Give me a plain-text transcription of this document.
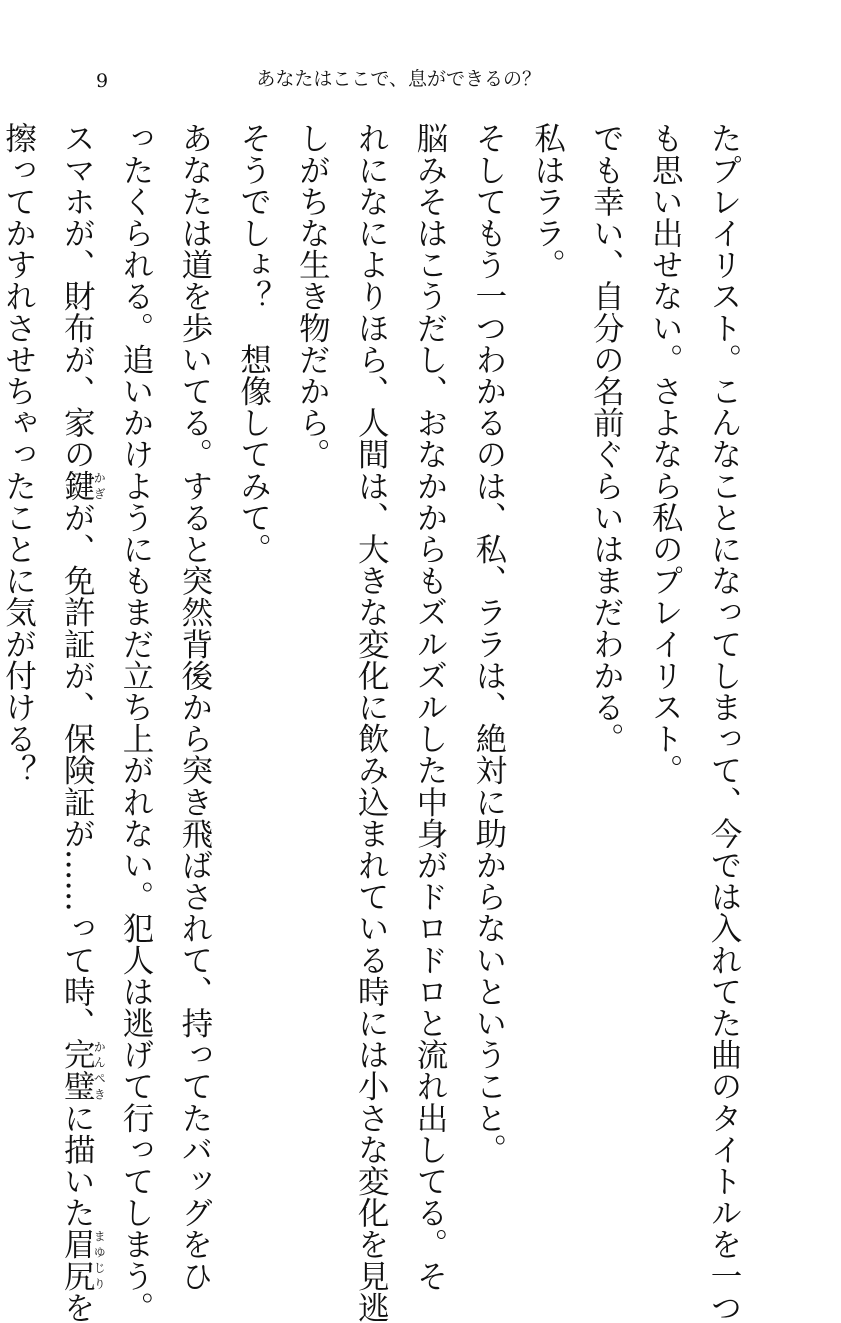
9	あなたはここで、息ができるの？
たプレイリスト。こんなことになってしまって、今では入れてた曲のタイトルを一つ
も思い出せない。さよなら私のプレイリスト。
でも幸い、自分の名前ぐらいはまだわかる。
私はララ。
そしてもう一つわかるのは、私、ララは、絶対に助からないということ。
脳みそはこうだし、おなかからもズルズルした中身がドロドロと流れ出してる。そ
れになによりほら、人間は、大きな変化に飲み込まれている時には小さな変化を見逃
しがちな生き物だから。
そうでしょ？　想像してみて。
あなたは道を歩いてる。すると突然背後から突き飛ばされて、持ってたバッグをひ
ったくられる。追いかけようにもまだ立ち上がれない。犯人は逃げて行ってしまう。
スマホが、財布が、家の鍵かぎが、免許証が、保険証が……って時、完璧かんぺきに描いた眉尻まゆじりを
擦ってかすれさせちゃったことに気が付ける？
